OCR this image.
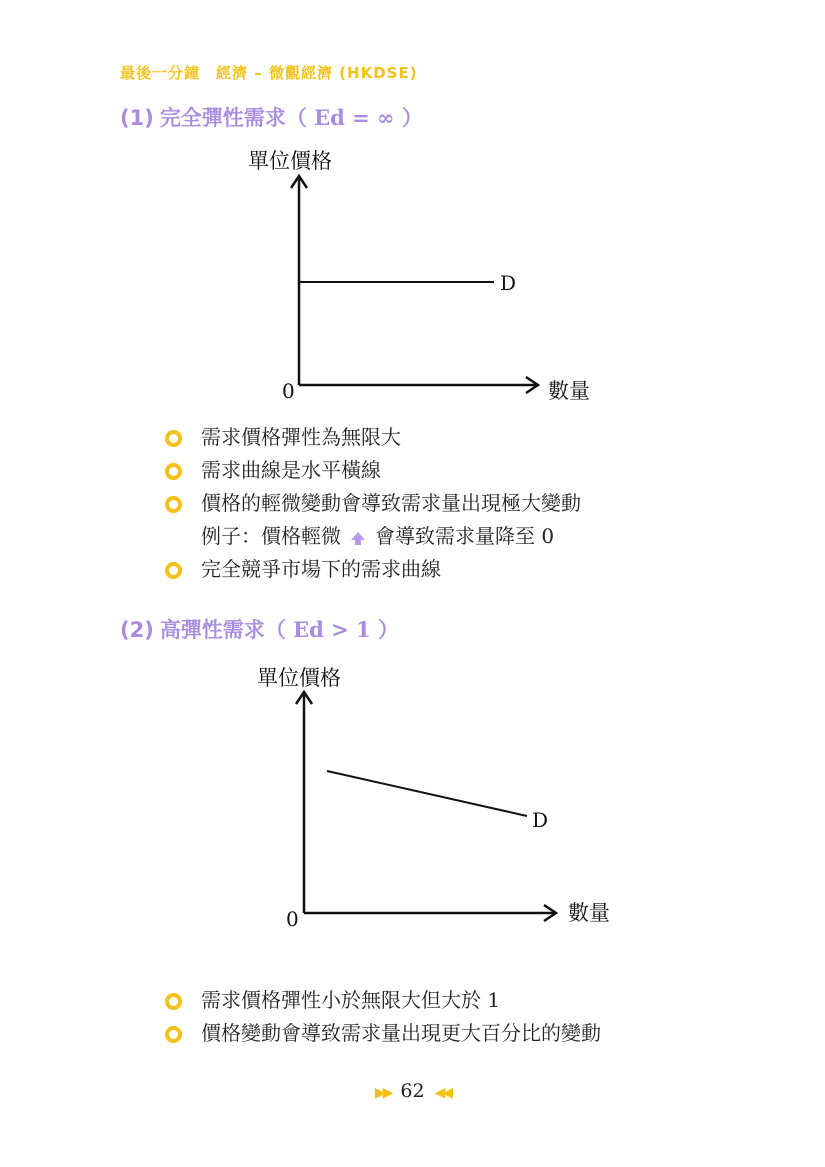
最後一分鐘　經濟 – 微觀經濟 (HKDSE)
(1) 完全彈性需求（ Ed = ∞ ）
單位價格
0	數量
D
單位價格
0	數量
D
需求價格彈性為無限大
需求曲線是水平橫線
價格的輕微變動會導致需求量出現極大變動
例子：價格輕微 會導致需求量降至 0
完全競爭市場下的需求曲線
(2) 高彈性需求（ Ed > 1 ）
需求價格彈性小於無限大但大於 1
價格變動會導致需求量出現更大百分比的變動
▶▶ 62 ◀◀
